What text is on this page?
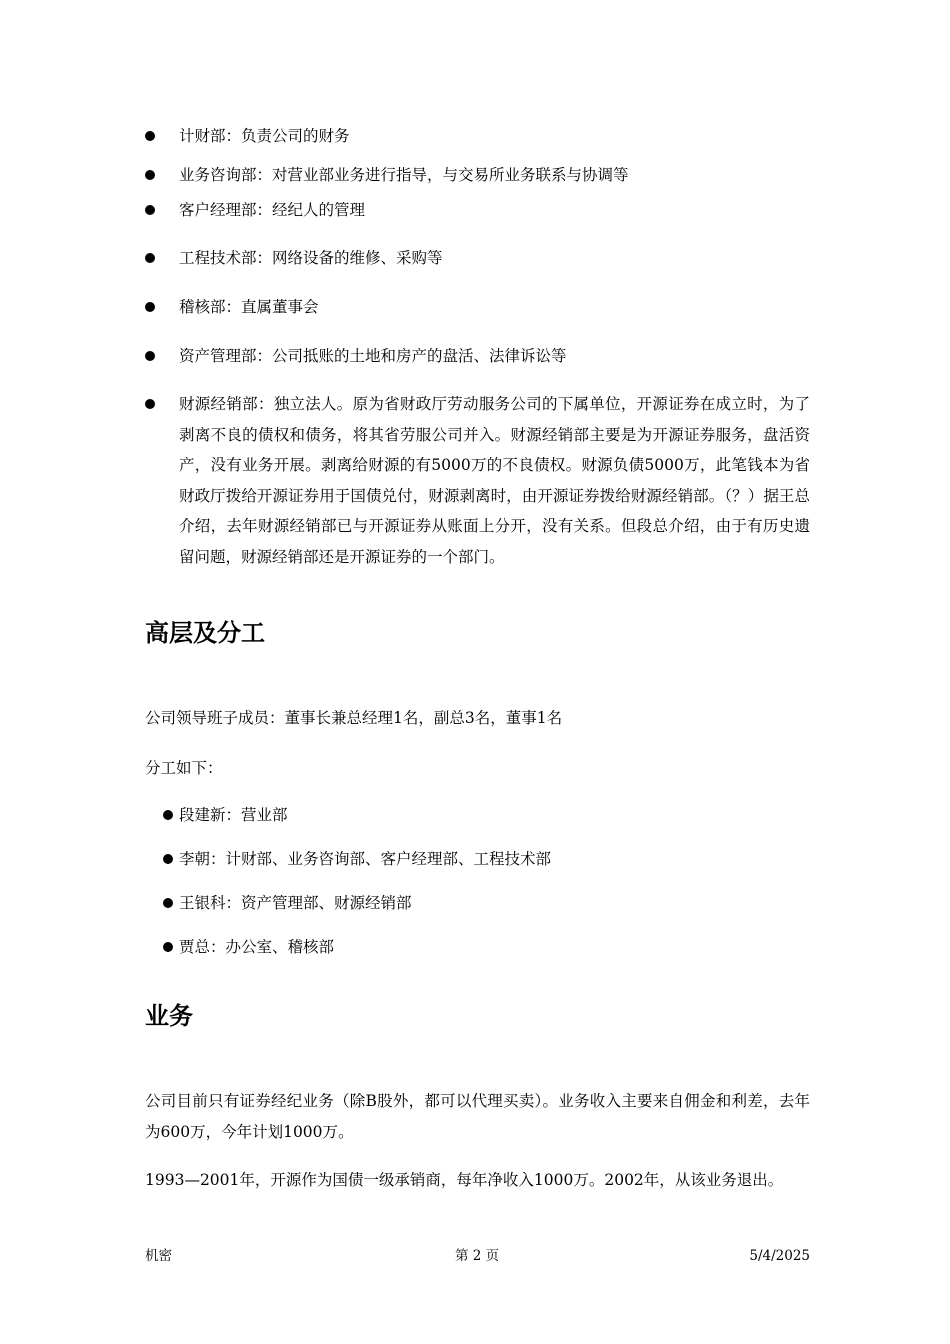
计财部：负责公司的财务
业务咨询部：对营业部业务进行指导，与交易所业务联系与协调等
客户经理部：经纪人的管理
工程技术部：网络设备的维修、采购等
稽核部：直属董事会
资产管理部：公司抵账的土地和房产的盘活、法律诉讼等
财源经销部：独立法人。原为省财政厅劳动服务公司的下属单位，开源证券在成立时，为了剥离不良的债权和债务，将其省劳服公司并入。财源经销部主要是为开源证券服务，盘活资产，没有业务开展。剥离给财源的有5000万的不良债权。财源负债5000万，此笔钱本为省财政厅拨给开源证券用于国债兑付，财源剥离时，由开源证券拨给财源经销部。（？）据王总介绍，去年财源经销部已与开源证券从账面上分开，没有关系。但段总介绍，由于有历史遗留问题，财源经销部还是开源证券的一个部门。
高层及分工
公司领导班子成员：董事长兼总经理1名，副总3名，董事1名
分工如下：
段建新：营业部
李朝：计财部、业务咨询部、客户经理部、工程技术部
王银科：资产管理部、财源经销部
贾总：办公室、稽核部
业务
公司目前只有证券经纪业务（除B股外，都可以代理买卖）。业务收入主要来自佣金和利差，去年为600万，今年计划1000万。
1993—2001年，开源作为国债一级承销商，每年净收入1000万。2002年，从该业务退出。
机密	第 2 页	5/4/2025
